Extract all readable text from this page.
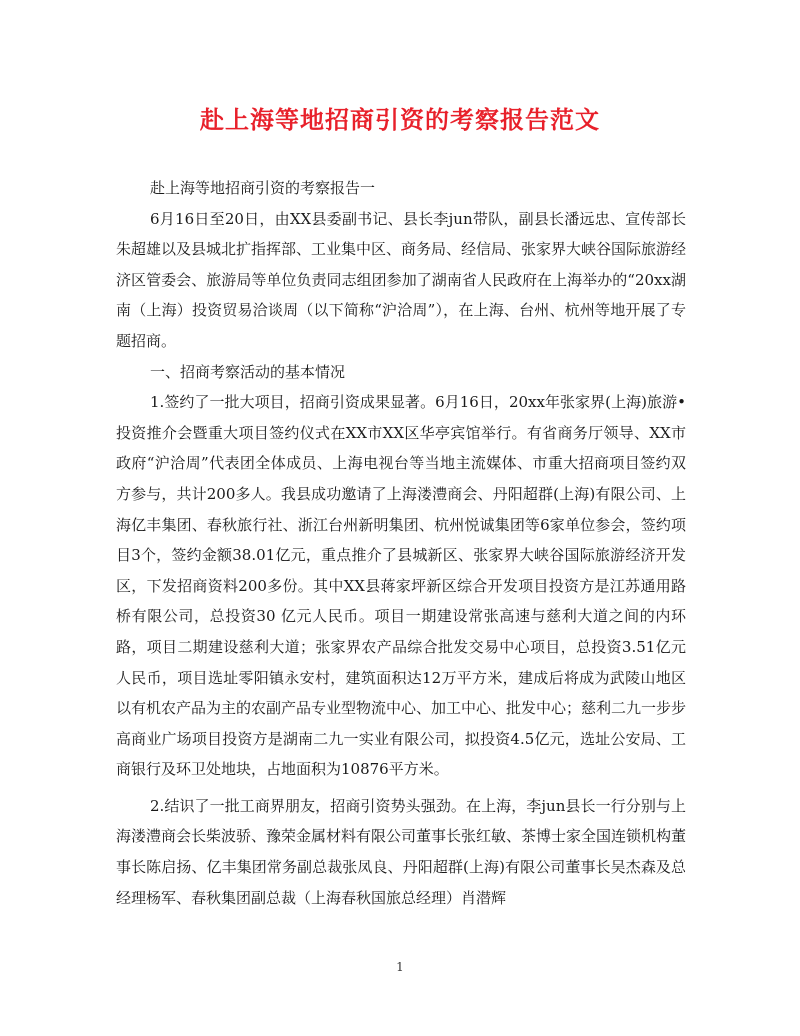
赴上海等地招商引资的考察报告范文

赴上海等地招商引资的考察报告一

6月16日至20日，由XX县委副书记、县长李jun带队，副县长潘远忠、宣传部长朱超雄以及县城北扩指挥部、工业集中区、商务局、经信局、张家界大峡谷国际旅游经济区管委会、旅游局等单位负责同志组团参加了湖南省人民政府在上海举办的“20xx湖南（上海）投资贸易洽谈周（以下简称“沪洽周”），在上海、台州、杭州等地开展了专题招商。

一、招商考察活动的基本情况

1.签约了一批大项目，招商引资成果显著。6月16日，20xx年张家界(上海)旅游•投资推介会暨重大项目签约仪式在XX市XX区华亭宾馆举行。有省商务厅领导、XX市政府“沪洽周”代表团全体成员、上海电视台等当地主流媒体、市重大招商项目签约双方参与，共计200多人。我县成功邀请了上海溇澧商会、丹阳超群(上海)有限公司、上海亿丰集团、春秋旅行社、浙江台州新明集团、杭州悦诚集团等6家单位参会，签约项目3个，签约金额38.01亿元，重点推介了县城新区、张家界大峡谷国际旅游经济开发区，下发招商资料200多份。其中XX县蒋家坪新区综合开发项目投资方是江苏通用路桥有限公司，总投资30 亿元人民币。项目一期建设常张高速与慈利大道之间的内环路，项目二期建设慈利大道；张家界农产品综合批发交易中心项目，总投资3.51亿元人民币，项目选址零阳镇永安村，建筑面积达12万平方米，建成后将成为武陵山地区以有机农产品为主的农副产品专业型物流中心、加工中心、批发中心；慈利二九一步步高商业广场项目投资方是湖南二九一实业有限公司，拟投资4.5亿元，选址公安局、工商银行及环卫处地块，占地面积为10876平方米。

2.结识了一批工商界朋友，招商引资势头强劲。在上海，李jun县长一行分别与上海溇澧商会长柴波骄、豫荣金属材料有限公司董事长张红敏、茶博士家全国连锁机构董事长陈启扬、亿丰集团常务副总裁张凤良、丹阳超群(上海)有限公司董事长吴杰森及总经理杨军、春秋集团副总裁（上海春秋国旅总经理）肖潜辉

1
